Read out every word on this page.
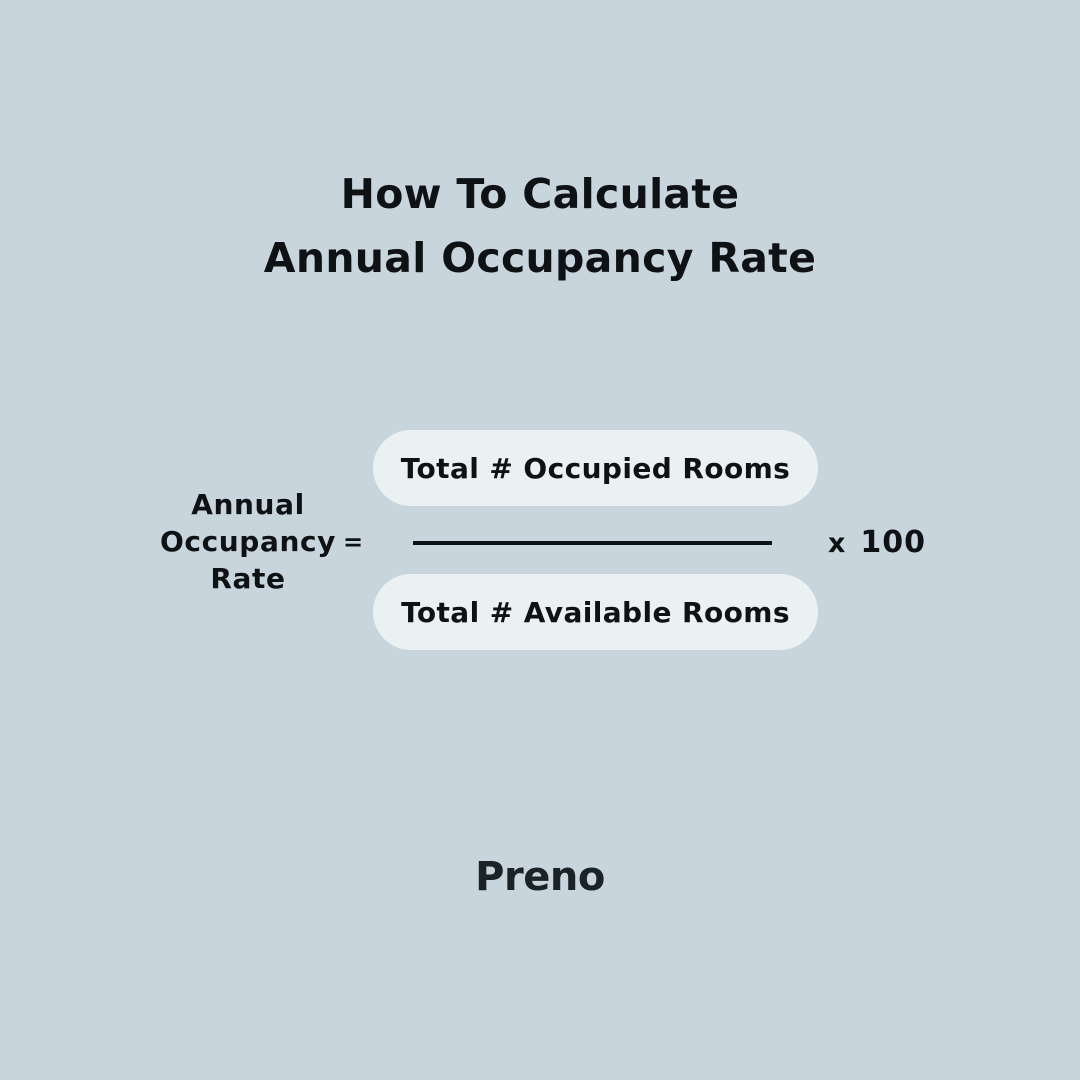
How To Calculate
Annual Occupancy Rate
Annual
Occupancy
Rate
=
Total # Occupied Rooms
Total # Available Rooms
x 100
Preno
